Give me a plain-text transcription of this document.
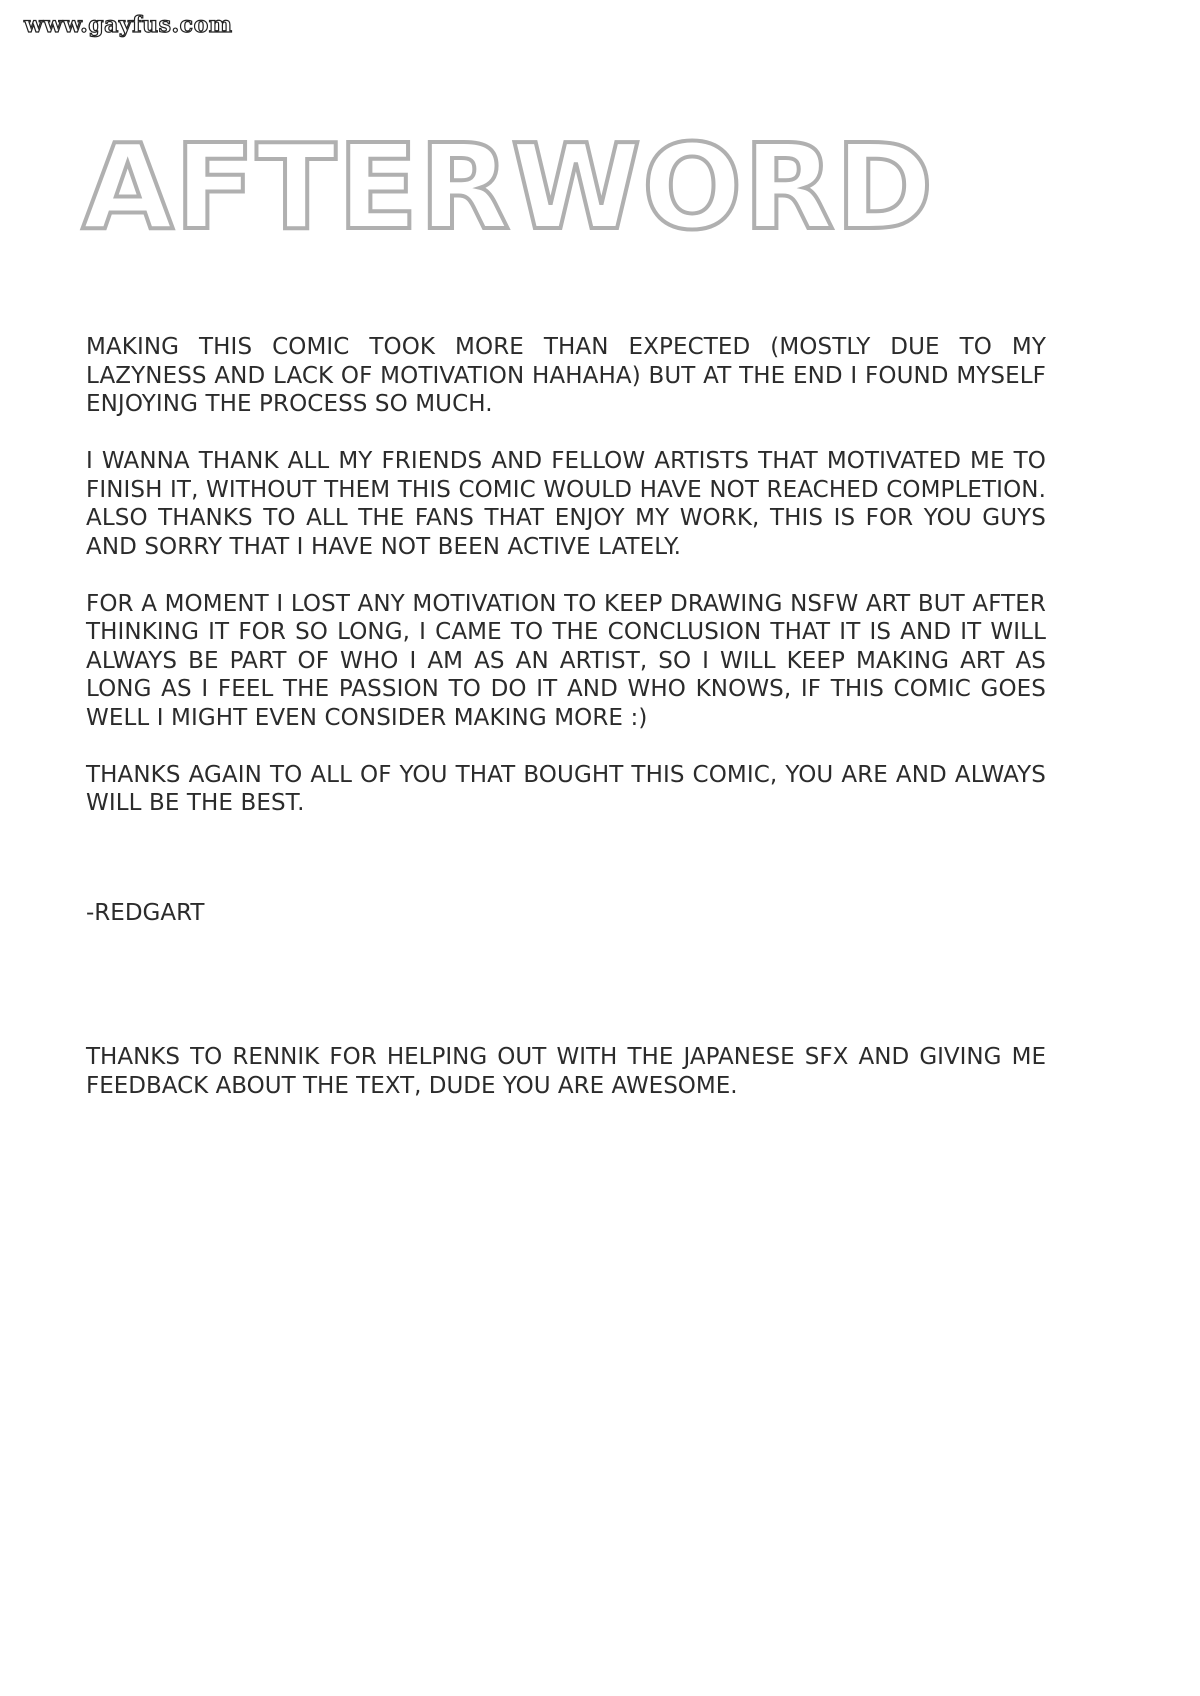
www.gayfus.com
AFTERWORD

MAKING THIS COMIC TOOK MORE THAN EXPECTED (MOSTLY DUE TO MY LAZYNESS AND LACK OF MOTIVATION HAHAHA) BUT AT THE END I FOUND MYSELF ENJOYING THE PROCESS SO MUCH.

I WANNA THANK ALL MY FRIENDS AND FELLOW ARTISTS THAT MOTIVATED ME TO FINISH IT, WITHOUT THEM THIS COMIC WOULD HAVE NOT REACHED COMPLETION. ALSO THANKS TO ALL THE FANS THAT ENJOY MY WORK, THIS IS FOR YOU GUYS AND SORRY THAT I HAVE NOT BEEN ACTIVE LATELY.

FOR A MOMENT I LOST ANY MOTIVATION TO KEEP DRAWING NSFW ART BUT AFTER THINKING IT FOR SO LONG, I CAME TO THE CONCLUSION THAT IT IS AND IT WILL ALWAYS BE PART OF WHO I AM AS AN ARTIST, SO I WILL KEEP MAKING ART AS LONG AS I FEEL THE PASSION TO DO IT AND WHO KNOWS, IF THIS COMIC GOES WELL I MIGHT EVEN CONSIDER MAKING MORE :)

THANKS AGAIN TO ALL OF YOU THAT BOUGHT THIS COMIC, YOU ARE AND ALWAYS WILL BE THE BEST.

-REDGART

THANKS TO RENNIK FOR HELPING OUT WITH THE JAPANESE SFX AND GIVING ME FEEDBACK ABOUT THE TEXT, DUDE YOU ARE AWESOME.
